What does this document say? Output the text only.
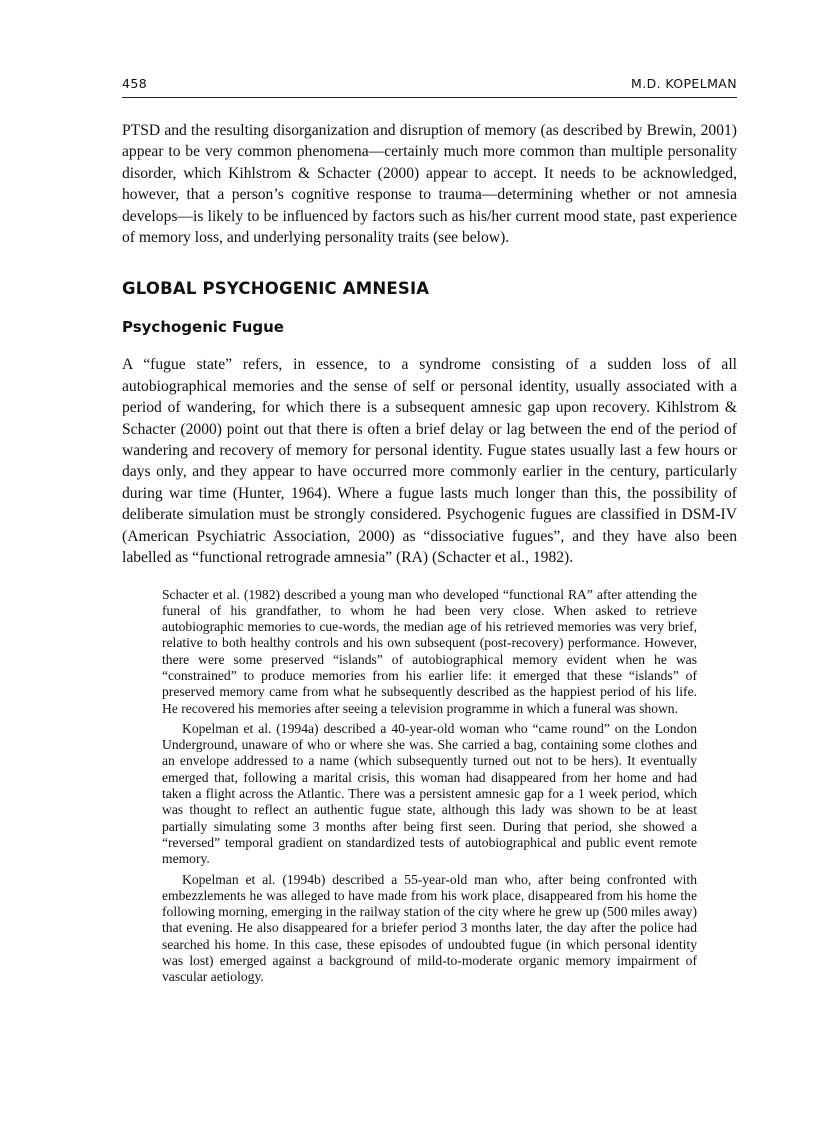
458	M.D. KOPELMAN

PTSD and the resulting disorganization and disruption of memory (as described by Brewin, 2001) appear to be very common phenomena—certainly much more common than multiple personality disorder, which Kihlstrom & Schacter (2000) appear to accept. It needs to be acknowledged, however, that a person’s cognitive response to trauma—determining whether or not amnesia develops—is likely to be influenced by factors such as his/her current mood state, past experience of memory loss, and underlying personality traits (see below).

GLOBAL PSYCHOGENIC AMNESIA
Psychogenic Fugue

A “fugue state” refers, in essence, to a syndrome consisting of a sudden loss of all autobiographical memories and the sense of self or personal identity, usually associated with a period of wandering, for which there is a subsequent amnesic gap upon recovery. Kihlstrom & Schacter (2000) point out that there is often a brief delay or lag between the end of the period of wandering and recovery of memory for personal identity. Fugue states usually last a few hours or days only, and they appear to have occurred more commonly earlier in the century, particularly during war time (Hunter, 1964). Where a fugue lasts much longer than this, the possibility of deliberate simulation must be strongly considered. Psychogenic fugues are classified in DSM-IV (American Psychiatric Association, 2000) as “dissociative fugues”, and they have also been labelled as “functional retrograde amnesia” (RA) (Schacter et al., 1982).

Schacter et al. (1982) described a young man who developed “functional RA” after attending the funeral of his grandfather, to whom he had been very close. When asked to retrieve autobiographic memories to cue-words, the median age of his retrieved memories was very brief, relative to both healthy controls and his own subsequent (post-recovery) performance. However, there were some preserved “islands” of autobiographical memory evident when he was “constrained” to produce memories from his earlier life: it emerged that these “islands” of preserved memory came from what he subsequently described as the happiest period of his life. He recovered his memories after seeing a television programme in which a funeral was shown.

Kopelman et al. (1994a) described a 40-year-old woman who “came round” on the London Underground, unaware of who or where she was. She carried a bag, containing some clothes and an envelope addressed to a name (which subsequently turned out not to be hers). It eventually emerged that, following a marital crisis, this woman had disappeared from her home and had taken a flight across the Atlantic. There was a persistent amnesic gap for a 1 week period, which was thought to reflect an authentic fugue state, although this lady was shown to be at least partially simulating some 3 months after being first seen. During that period, she showed a “reversed” temporal gradient on standardized tests of autobiographical and public event remote memory.

Kopelman et al. (1994b) described a 55-year-old man who, after being confronted with embezzlements he was alleged to have made from his work place, disappeared from his home the following morning, emerging in the railway station of the city where he grew up (500 miles away) that evening. He also disappeared for a briefer period 3 months later, the day after the police had searched his home. In this case, these episodes of undoubted fugue (in which personal identity was lost) emerged against a background of mild-to-moderate organic memory impairment of vascular aetiology.
